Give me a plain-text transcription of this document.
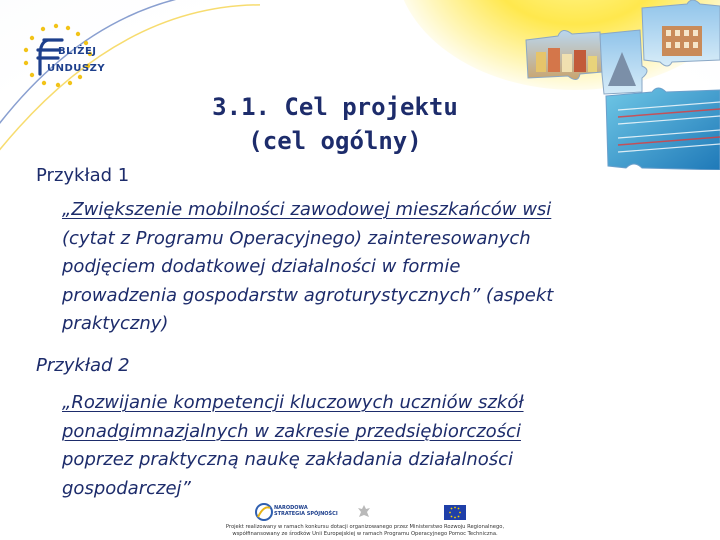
BLIŻEJ
UNDUSZY
3.1. Cel projektu
(cel ogólny)
Przykład 1
„Zwiększenie mobilności zawodowej mieszkańców wsi
(cytat z Programu Operacyjnego) zainteresowanych
podjęciem dodatkowej działalności w formie
prowadzenia gospodarstw agroturystycznych” (aspekt
praktyczny)
Przykład 2
„Rozwijanie kompetencji kluczowych uczniów szkół
ponadgimnazjalnych w zakresie przedsiębiorczości
poprzez praktyczną naukę zakładania działalności
gospodarczej”
NARODOWA
STRATEGIA SPÓJNOŚCI
Projekt realizowany w ramach konkursu dotacji organizowanego przez Ministerstwo Rozwoju Regionalnego,
współfinansowany ze środków Unii Europejskiej w ramach Programu Operacyjnego Pomoc Techniczna.
